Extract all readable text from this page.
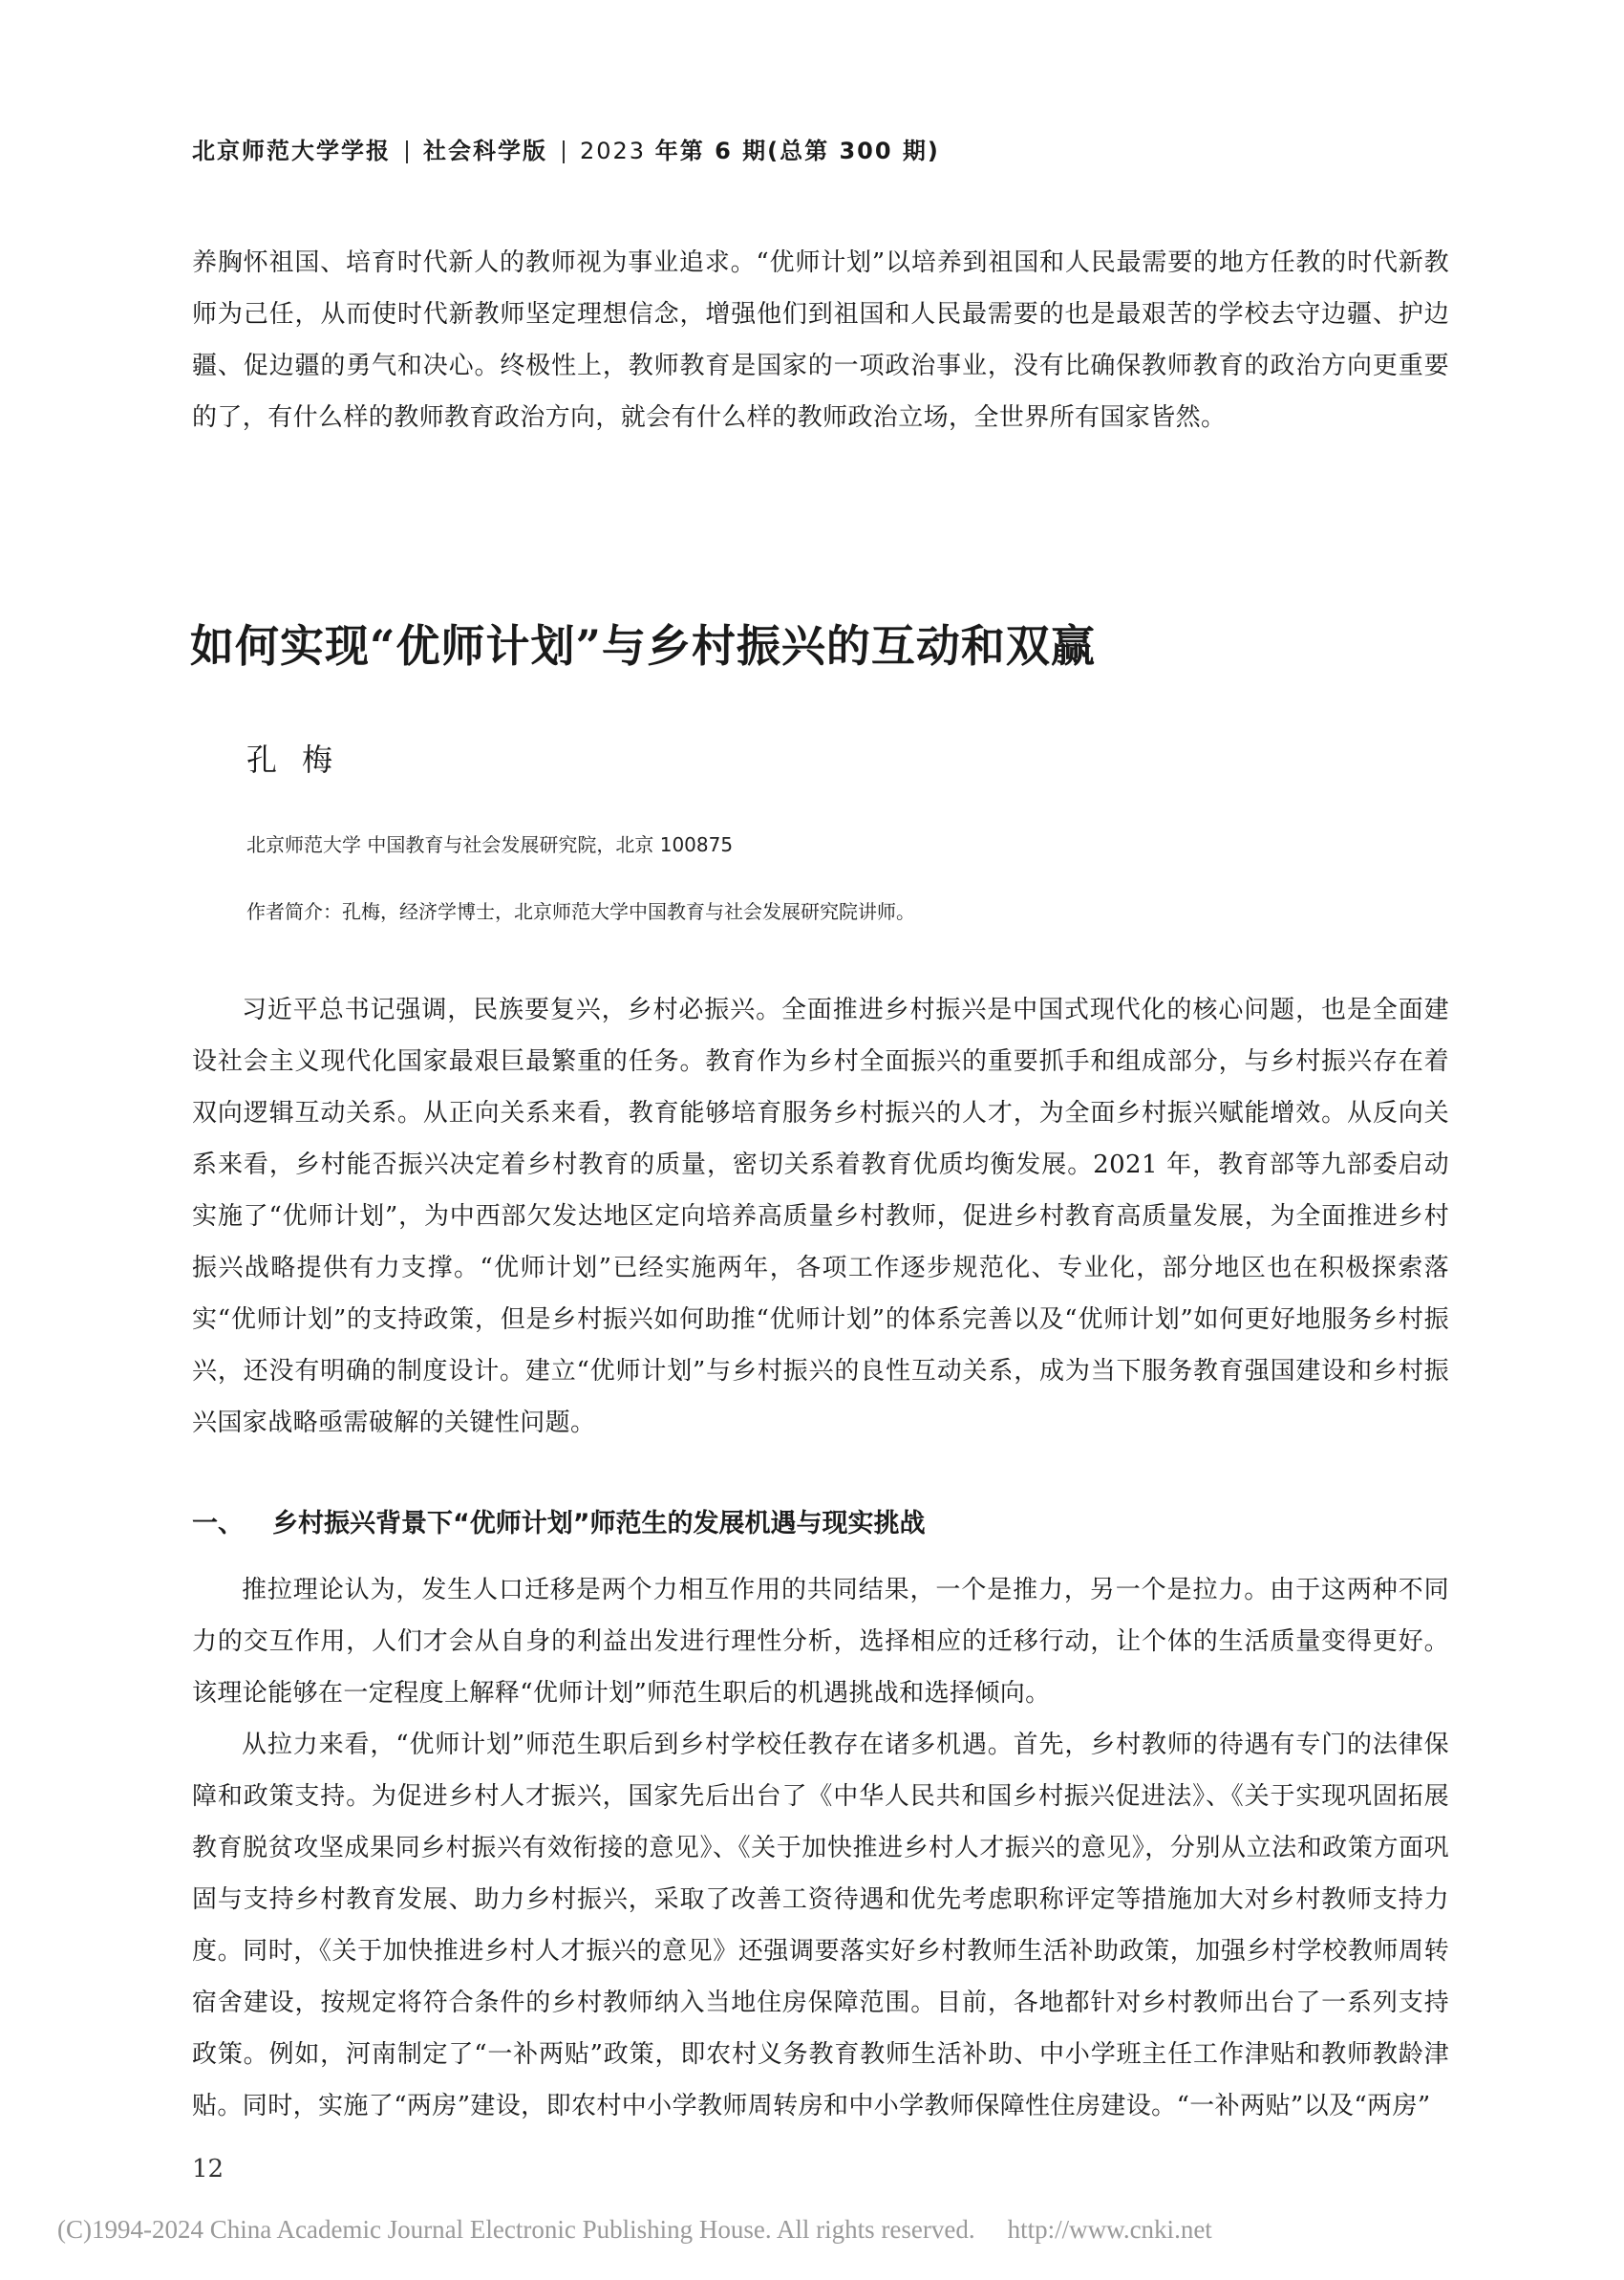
北京师范大学学报 社会科学版 2023 年第 6 期(总第 300 期)

养胸怀祖国、培育时代新人的教师视为事业追求。“优师计划”以培养到祖国和人民最需要的地方任教的时代新教师为己任，从而使时代新教师坚定理想信念，增强他们到祖国和人民最需要的也是最艰苦的学校去守边疆、护边疆、促边疆的勇气和决心。终极性上，教师教育是国家的一项政治事业，没有比确保教师教育的政治方向更重要的了，有什么样的教师教育政治方向，就会有什么样的教师政治立场，全世界所有国家皆然。

如何实现“优师计划”与乡村振兴的互动和双赢
孔梅
北京师范大学 中国教育与社会发展研究院，北京 100875
作者简介：孔梅，经济学博士，北京师范大学中国教育与社会发展研究院讲师。

习近平总书记强调，民族要复兴，乡村必振兴。全面推进乡村振兴是中国式现代化的核心问题，也是全面建设社会主义现代化国家最艰巨最繁重的任务。教育作为乡村全面振兴的重要抓手和组成部分，与乡村振兴存在着双向逻辑互动关系。从正向关系来看，教育能够培育服务乡村振兴的人才，为全面乡村振兴赋能增效。从反向关系来看，乡村能否振兴决定着乡村教育的质量，密切关系着教育优质均衡发展。2021 年，教育部等九部委启动实施了“优师计划”，为中西部欠发达地区定向培养高质量乡村教师，促进乡村教育高质量发展，为全面推进乡村振兴战略提供有力支撑。“优师计划”已经实施两年，各项工作逐步规范化、专业化，部分地区也在积极探索落实“优师计划”的支持政策，但是乡村振兴如何助推“优师计划”的体系完善以及“优师计划”如何更好地服务乡村振兴，还没有明确的制度设计。建立“优师计划”与乡村振兴的良性互动关系，成为当下服务教育强国建设和乡村振兴国家战略亟需破解的关键性问题。

一、 乡村振兴背景下“优师计划”师范生的发展机遇与现实挑战

推拉理论认为，发生人口迁移是两个力相互作用的共同结果，一个是推力，另一个是拉力。由于这两种不同力的交互作用，人们才会从自身的利益出发进行理性分析，选择相应的迁移行动，让个体的生活质量变得更好。该理论能够在一定程度上解释“优师计划”师范生职后的机遇挑战和选择倾向。

从拉力来看，“优师计划”师范生职后到乡村学校任教存在诸多机遇。首先，乡村教师的待遇有专门的法律保障和政策支持。为促进乡村人才振兴，国家先后出台了《中华人民共和国乡村振兴促进法》、《关于实现巩固拓展教育脱贫攻坚成果同乡村振兴有效衔接的意见》、《关于加快推进乡村人才振兴的意见》，分别从立法和政策方面巩固与支持乡村教育发展、助力乡村振兴，采取了改善工资待遇和优先考虑职称评定等措施加大对乡村教师支持力度。同时，《关于加快推进乡村人才振兴的意见》还强调要落实好乡村教师生活补助政策，加强乡村学校教师周转宿舍建设，按规定将符合条件的乡村教师纳入当地住房保障范围。目前，各地都针对乡村教师出台了一系列支持政策。例如，河南制定了“一补两贴”政策，即农村义务教育教师生活补助、中小学班主任工作津贴和教师教龄津贴。同时，实施了“两房”建设，即农村中小学教师周转房和中小学教师保障性住房建设。“一补两贴”以及“两房”

12
(C)1994-2024 China Academic Journal Electronic Publishing House. All rights reserved. http://www.cnki.net
